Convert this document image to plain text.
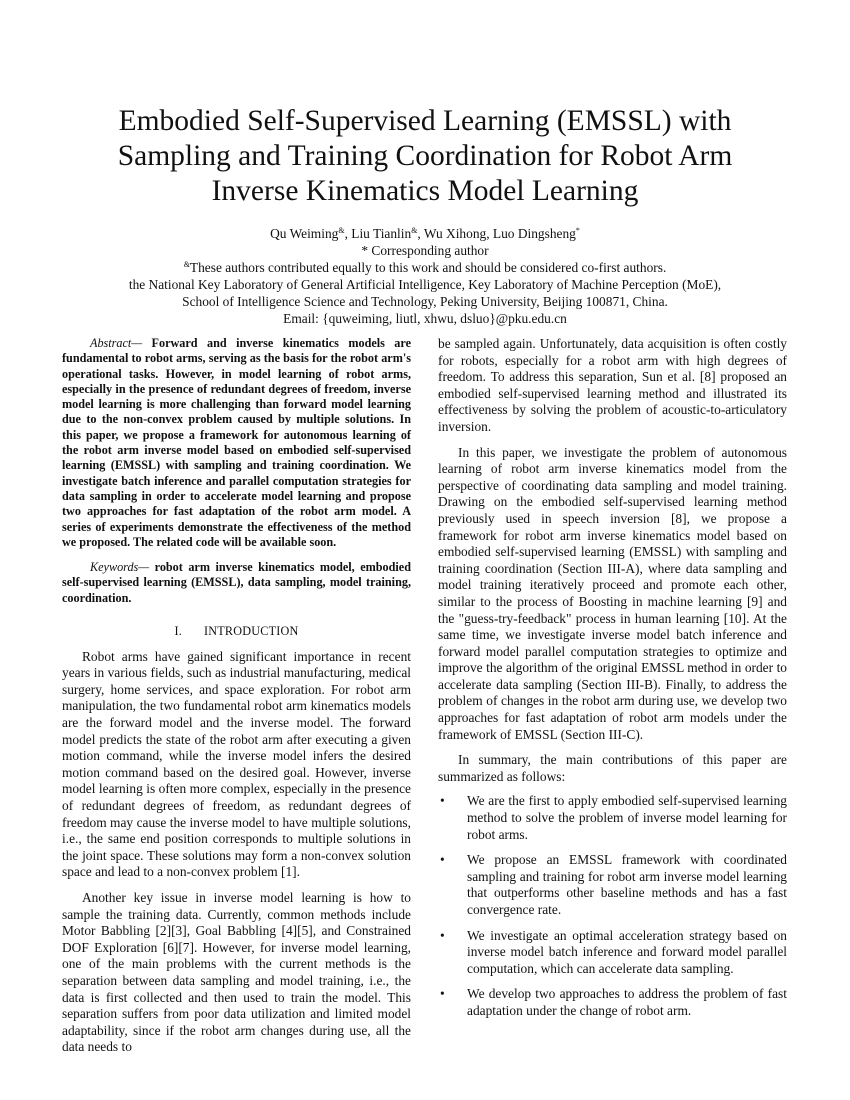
Embodied Self-Supervised Learning (EMSSL) with
Sampling and Training Coordination for Robot Arm
Inverse Kinematics Model Learning
Qu Weiming&, Liu Tianlin&, Wu Xihong, Luo Dingsheng*
* Corresponding author
&These authors contributed equally to this work and should be considered co-first authors.
the National Key Laboratory of General Artificial Intelligence, Key Laboratory of Machine Perception (MoE),
School of Intelligence Science and Technology, Peking University, Beijing 100871, China.
Email: {quweiming, liutl, xhwu, dsluo}@pku.edu.cn

Abstract— Forward and inverse kinematics models are fundamental to robot arms, serving as the basis for the robot arm's operational tasks. However, in model learning of robot arms, especially in the presence of redundant degrees of freedom, inverse model learning is more challenging than forward model learning due to the non-convex problem caused by multiple solutions. In this paper, we propose a framework for autonomous learning of the robot arm inverse model based on embodied self-supervised learning (EMSSL) with sampling and training coordination. We investigate batch inference and parallel computation strategies for data sampling in order to accelerate model learning and propose two approaches for fast adaptation of the robot arm model. A series of experiments demonstrate the effectiveness of the method we proposed. The related code will be available soon.

Keywords— robot arm inverse kinematics model, embodied self-supervised learning (EMSSL), data sampling, model training, coordination.

I. INTRODUCTION

Robot arms have gained significant importance in recent years in various fields, such as industrial manufacturing, medical surgery, home services, and space exploration. For robot arm manipulation, the two fundamental robot arm kinematics models are the forward model and the inverse model. The forward model predicts the state of the robot arm after executing a given motion command, while the inverse model infers the desired motion command based on the desired goal. However, inverse model learning is often more complex, especially in the presence of redundant degrees of freedom, as redundant degrees of freedom may cause the inverse model to have multiple solutions, i.e., the same end position corresponds to multiple solutions in the joint space. These solutions may form a non-convex solution space and lead to a non-convex problem [1].

Another key issue in inverse model learning is how to sample the training data. Currently, common methods include Motor Babbling [2][3], Goal Babbling [4][5], and Constrained DOF Exploration [6][7]. However, for inverse model learning, one of the main problems with the current methods is the separation between data sampling and model training, i.e., the data is first collected and then used to train the model. This separation suffers from poor data utilization and limited model adaptability, since if the robot arm changes during use, all the data needs to

be sampled again. Unfortunately, data acquisition is often costly for robots, especially for a robot arm with high degrees of freedom. To address this separation, Sun et al. [8] proposed an embodied self-supervised learning method and illustrated its effectiveness by solving the problem of acoustic-to-articulatory inversion.

In this paper, we investigate the problem of autonomous learning of robot arm inverse kinematics model from the perspective of coordinating data sampling and model training. Drawing on the embodied self-supervised learning method previously used in speech inversion [8], we propose a framework for robot arm inverse kinematics model based on embodied self-supervised learning (EMSSL) with sampling and training coordination (Section III-A), where data sampling and model training iteratively proceed and promote each other, similar to the process of Boosting in machine learning [9] and the "guess-try-feedback" process in human learning [10]. At the same time, we investigate inverse model batch inference and forward model parallel computation strategies to optimize and improve the algorithm of the original EMSSL method in order to accelerate data sampling (Section III-B). Finally, to address the problem of changes in the robot arm during use, we develop two approaches for fast adaptation of robot arm models under the framework of EMSSL (Section III-C).

In summary, the main contributions of this paper are summarized as follows:

• We are the first to apply embodied self-supervised learning method to solve the problem of inverse model learning for robot arms.
• We propose an EMSSL framework with coordinated sampling and training for robot arm inverse model learning that outperforms other baseline methods and has a fast convergence rate.
• We investigate an optimal acceleration strategy based on inverse model batch inference and forward model parallel computation, which can accelerate data sampling.
• We develop two approaches to address the problem of fast adaptation under the change of robot arm.
